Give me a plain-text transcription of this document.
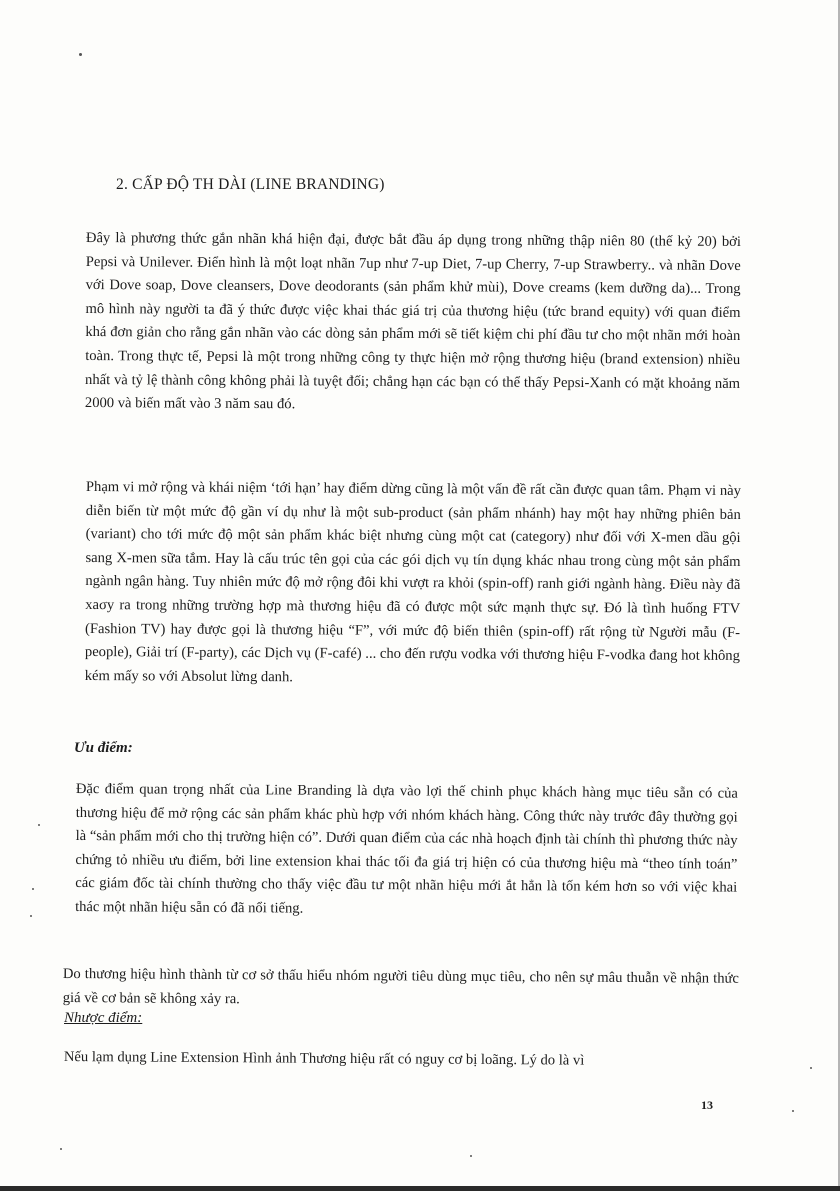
2. CẤP ĐỘ TH DÀI (LINE BRANDING)

Đây là phương thức gắn nhãn khá hiện đại, được bắt đầu áp dụng trong những thập niên 80 (thế kỷ 20) bởi Pepsi và Unilever. Điển hình là một loạt nhãn 7up như 7-up Diet, 7-up Cherry, 7-up Strawberry.. và nhãn Dove với Dove soap, Dove cleansers, Dove deodorants (sản phẩm khử mùi), Dove creams (kem dưỡng da)... Trong mô hình này người ta đã ý thức được việc khai thác giá trị của thương hiệu (tức brand equity) với quan điểm khá đơn giản cho rằng gắn nhãn vào các dòng sản phẩm mới sẽ tiết kiệm chi phí đầu tư cho một nhãn mới hoàn toàn. Trong thực tế, Pepsi là một trong những công ty thực hiện mở rộng thương hiệu (brand extension) nhiều nhất và tỷ lệ thành công không phải là tuyệt đối; chẳng hạn các bạn có thể thấy Pepsi-Xanh có mặt khoảng năm 2000 và biến mất vào 3 năm sau đó.

Phạm vi mở rộng và khái niệm ‘tới hạn’ hay điểm dừng cũng là một vấn đề rất cần được quan tâm. Phạm vi này diễn biến từ một mức độ gần ví dụ như là một sub-product (sản phẩm nhánh) hay một hay những phiên bản (variant) cho tới mức độ một sản phẩm khác biệt nhưng cùng một cat (category) như đối với X-men dầu gội sang X-men sữa tắm. Hay là cấu trúc tên gọi của các gói dịch vụ tín dụng khác nhau trong cùng một sản phẩm ngành ngân hàng. Tuy nhiên mức độ mở rộng đôi khi vượt ra khỏi (spin-off) ranh giới ngành hàng. Điều này đã xaσy ra trong những trường hợp mà thương hiệu đã có được một sức mạnh thực sự. Đó là tình huống FTV (Fashion TV) hay được gọi là thương hiệu “F”, với mức độ biến thiên (spin-off) rất rộng từ Người mẫu (F-people), Giải trí (F-party), các Dịch vụ (F-café) ... cho đến rượu vodka với thương hiệu F-vodka đang hot không kém mấy so với Absolut lừng danh.

Ưu điểm:

Đặc điểm quan trọng nhất của Line Branding là dựa vào lợi thế chinh phục khách hàng mục tiêu sẵn có của thương hiệu để mở rộng các sản phẩm khác phù hợp với nhóm khách hàng. Công thức này trước đây thường gọi là “sản phẩm mới cho thị trường hiện có”. Dưới quan điểm của các nhà hoạch định tài chính thì phương thức này chứng tỏ nhiều ưu điểm, bởi line extension khai thác tối đa giá trị hiện có của thương hiệu mà “theo tính toán” các giám đốc tài chính thường cho thấy việc đầu tư một nhãn hiệu mới ắt hẳn là tốn kém hơn so với việc khai thác một nhãn hiệu sẵn có đã nổi tiếng.

Do thương hiệu hình thành từ cơ sở thấu hiểu nhóm người tiêu dùng mục tiêu, cho nên sự mâu thuẫn về nhận thức giá về cơ bản sẽ không xảy ra.

Nhược điểm:

Nếu lạm dụng Line Extension Hình ảnh Thương hiệu rất có nguy cơ bị loãng. Lý do là vì

13
